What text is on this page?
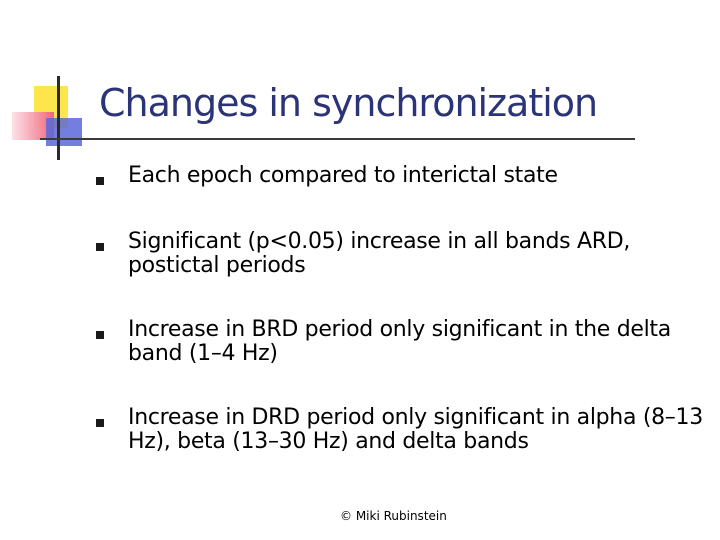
Changes in synchronization
Each epoch compared to interictal state
Significant (p<0.05) increase in all bands ARD, postictal periods
Increase in BRD period only significant in the delta band (1–4 Hz)
Increase in DRD period only significant in alpha (8–13 Hz), beta (13–30 Hz) and delta bands
© Miki Rubinstein
